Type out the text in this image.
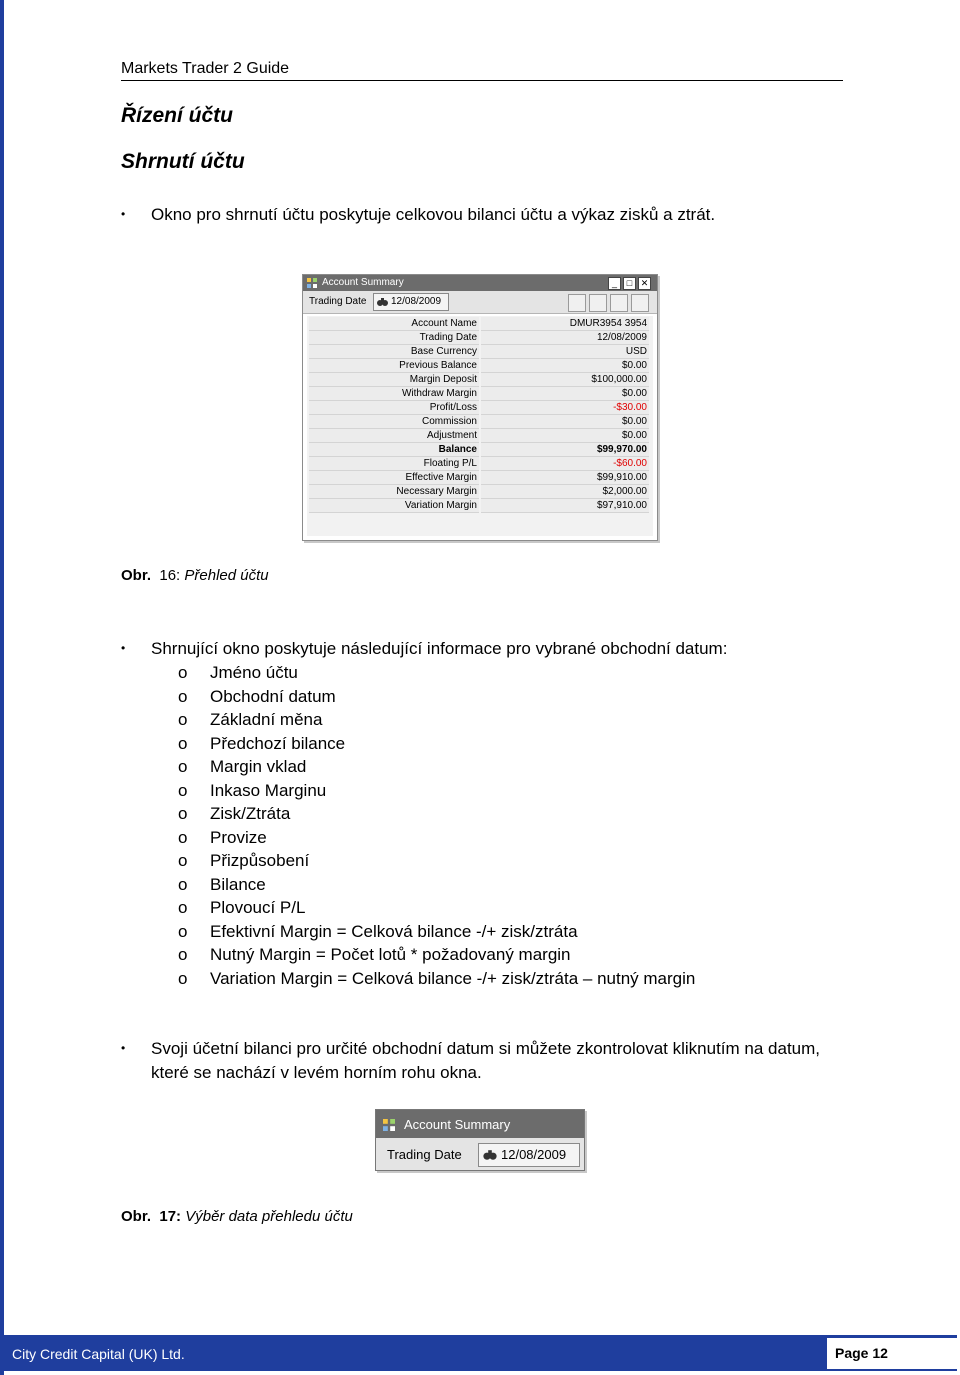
Markets Trader 2 Guide
Řízení účtu
Shrnutí účtu
• Okno pro shrnutí účtu poskytuje celkovou bilanci účtu a výkaz zisků a ztrát.
Account Summary	_	□ ✕
Trading Date 12/08/2009
Account Name	DMUR3954 3954
Trading Date	12/08/2009
Base Currency	USD
Previous Balance	$0.00
Margin Deposit	$100,000.00
Withdraw Margin	$0.00
Profit/Loss	-$30.00
Commission	$0.00
Adjustment	$0.00
Balance	$99,970.00
Floating P/L	-$60.00
Effective Margin	$99,910.00
Necessary Margin	$2,000.00
Variation Margin	$97,910.00
Obr. 16: Přehled účtu
• Shrnující okno poskytuje následující informace pro vybrané obchodní datum:
o Jméno účtu
o Obchodní datum
o Základní měna
o Předchozí bilance
o Margin vklad
o Inkaso Marginu
o Zisk/Ztráta
o Provize
o Přizpůsobení
o Bilance
o Plovoucí P/L
o Efektivní Margin = Celková bilance -/+ zisk/ztráta
o Nutný Margin = Počet lotů * požadovaný margin
o Variation Margin = Celková bilance -/+ zisk/ztráta – nutný margin
• Svoji účetní bilanci pro určité obchodní datum si můžete zkontrolovat kliknutím na datum, které se nachází v levém horním rohu okna.
Account Summary
Trading Date	12/08/2009
Obr. 17: Výběr data přehledu účtu
City Credit Capital (UK) Ltd.	Page 12
